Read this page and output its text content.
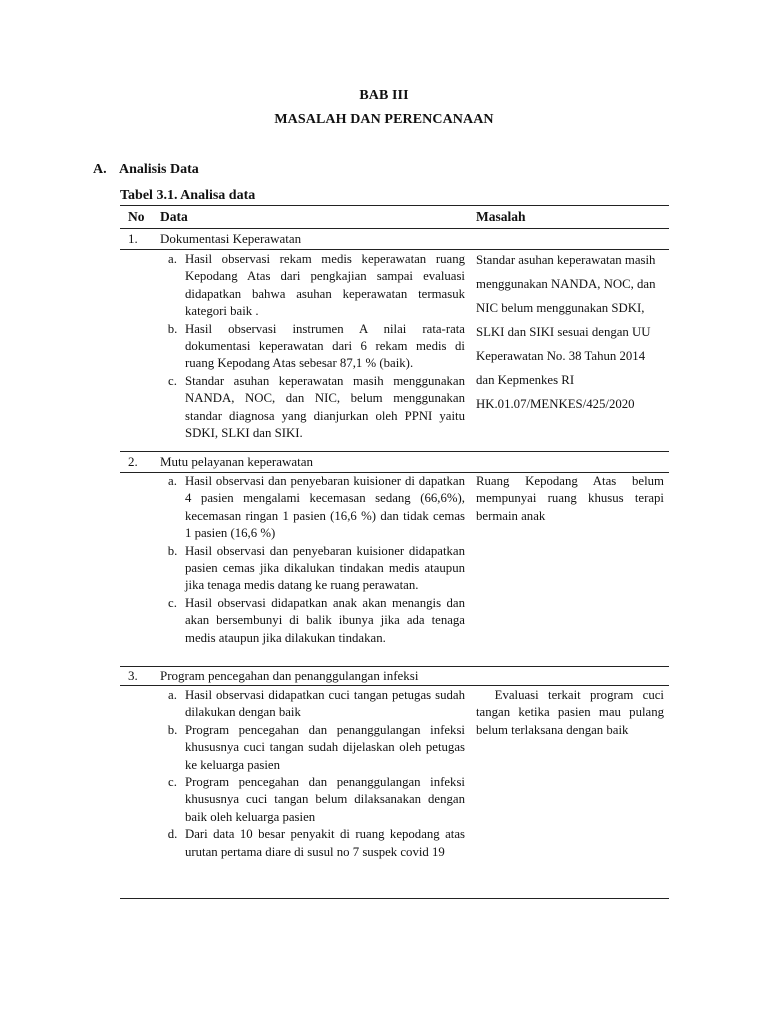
BAB III
MASALAH DAN PERENCANAAN
A. Analisis Data
Tabel 3.1. Analisa data
No Data	Masalah
1. Dokumentasi Keperawatan
a. Hasil observasi rekam medis keperawatan ruang Kepodang Atas dari pengkajian sampai evaluasi didapatkan bahwa asuhan keperawatan termasuk kategori baik .
b. Hasil observasi instrumen A nilai rata-rata dokumentasi keperawatan dari 6 rekam medis di ruang Kepodang Atas sebesar 87,1 % (baik).
c. Standar asuhan keperawatan masih menggunakan NANDA, NOC, dan NIC, belum menggunakan standar diagnosa yang dianjurkan oleh PPNI yaitu SDKI, SLKI dan SIKI.
Standar asuhan keperawatan masih menggunakan NANDA, NOC, dan NIC belum menggunakan SDKI, SLKI dan SIKI sesuai dengan UU Keperawatan No. 38 Tahun 2014 dan Kepmenkes RI HK.01.07/MENKES/425/2020
2. Mutu pelayanan keperawatan
a. Hasil observasi dan penyebaran kuisioner di dapatkan 4 pasien mengalami kecemasan sedang (66,6%), kecemasan ringan 1 pasien (16,6 %) dan tidak cemas 1 pasien (16,6 %)
b. Hasil observasi dan penyebaran kuisioner didapatkan pasien cemas jika dikalukan tindakan medis ataupun jika tenaga medis datang ke ruang perawatan.
c. Hasil observasi didapatkan anak akan menangis dan akan bersembunyi di balik ibunya jika ada tenaga medis ataupun jika dilakukan tindakan.
Ruang Kepodang Atas belum mempunyai ruang khusus terapi bermain anak
3. Program pencegahan dan penanggulangan infeksi
a. Hasil observasi didapatkan cuci tangan petugas sudah dilakukan dengan baik
b. Program pencegahan dan penanggulangan infeksi khususnya cuci tangan sudah dijelaskan oleh petugas ke keluarga pasien
c. Program pencegahan dan penanggulangan infeksi khususnya cuci tangan belum dilaksanakan dengan baik oleh keluarga pasien
d. Dari data 10 besar penyakit di ruang kepodang atas urutan pertama diare di susul no 7 suspek covid 19
Evaluasi terkait program cuci tangan ketika pasien mau pulang belum terlaksana dengan baik
